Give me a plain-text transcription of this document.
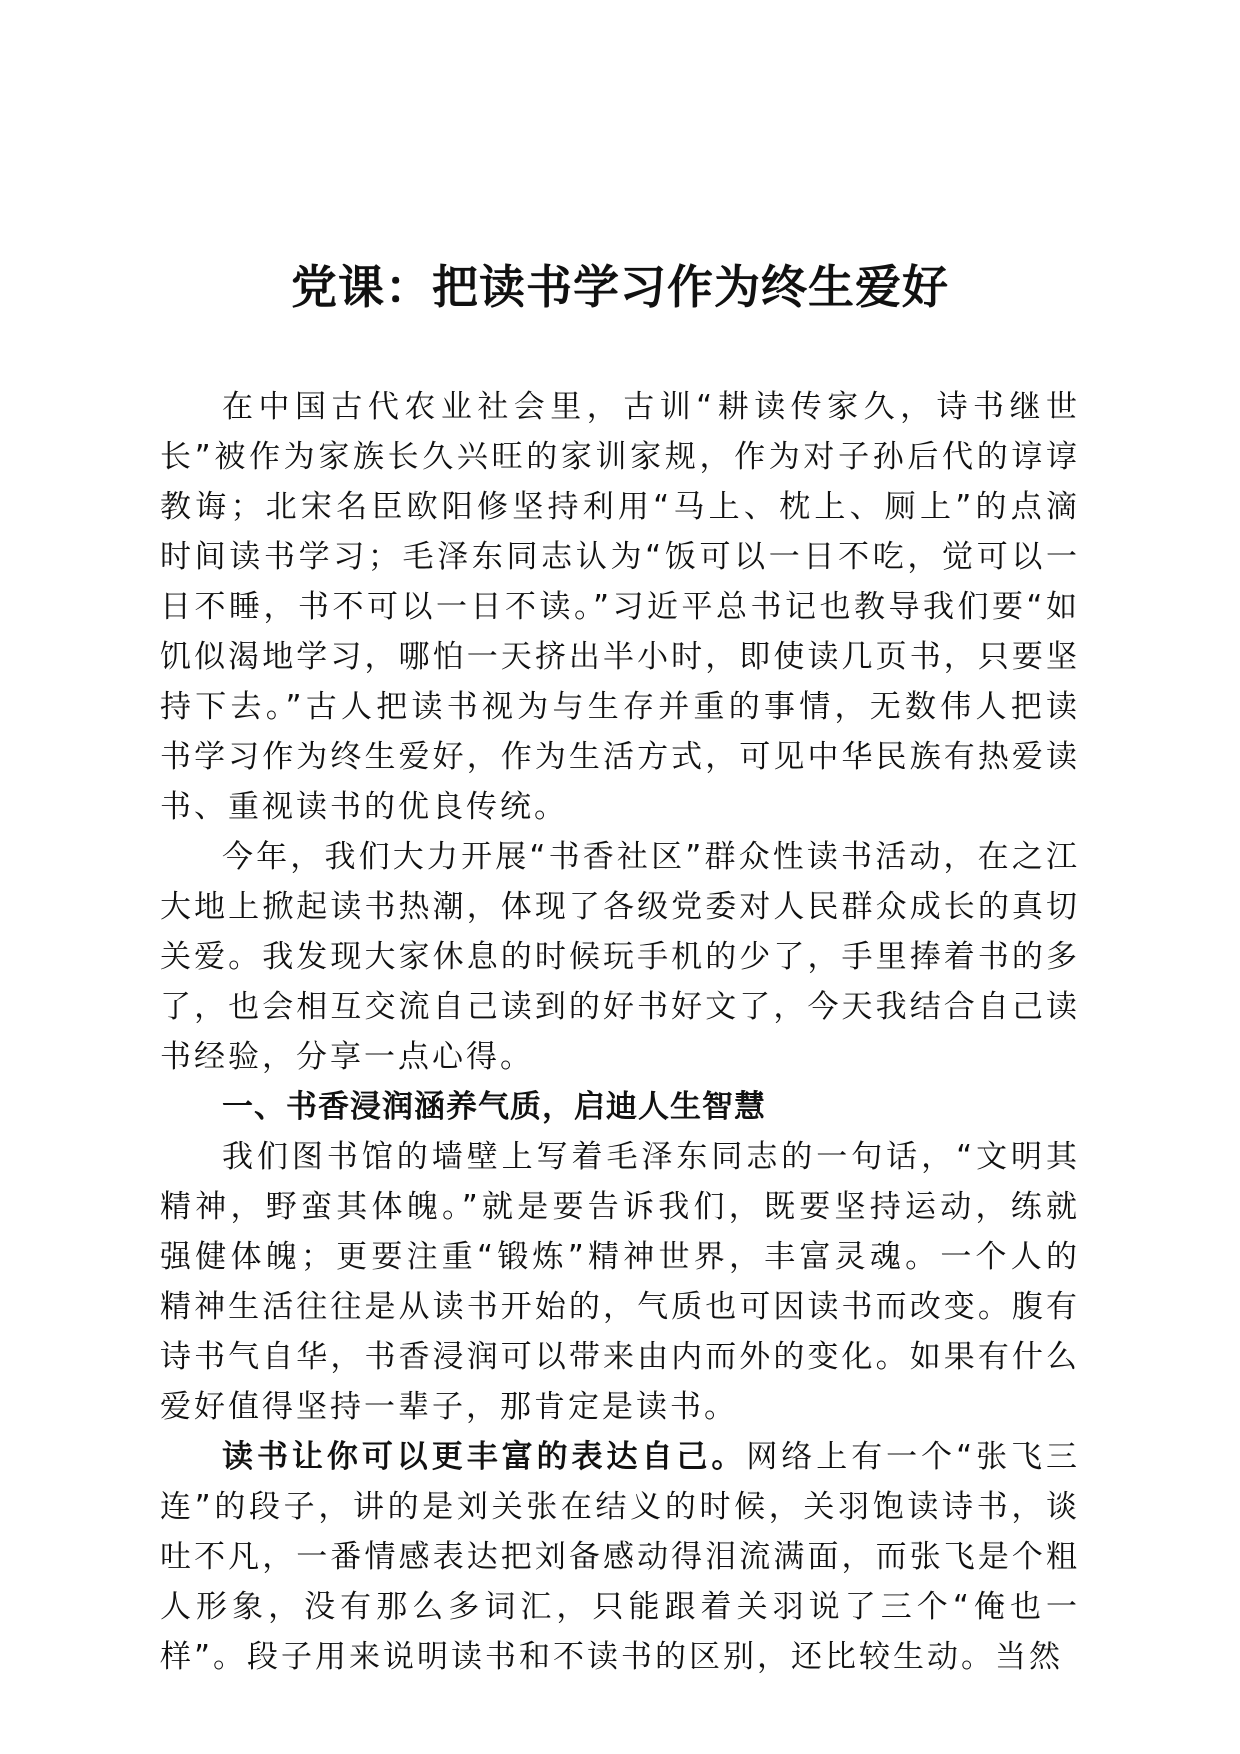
党课：把读书学习作为终生爱好

在中国古代农业社会里，古训“耕读传家久，诗书继世长”被作为家族长久兴旺的家训家规，作为对子孙后代的谆谆教诲；北宋名臣欧阳修坚持利用“马上、枕上、厕上”的点滴时间读书学习；毛泽东同志认为“饭可以一日不吃，觉可以一日不睡，书不可以一日不读。”习近平总书记也教导我们要“如饥似渴地学习，哪怕一天挤出半小时，即使读几页书，只要坚持下去。”古人把读书视为与生存并重的事情，无数伟人把读书学习作为终生爱好，作为生活方式，可见中华民族有热爱读书、重视读书的优良传统。

今年，我们大力开展“书香社区”群众性读书活动，在之江大地上掀起读书热潮，体现了各级党委对人民群众成长的真切关爱。我发现大家休息的时候玩手机的少了，手里捧着书的多了，也会相互交流自己读到的好书好文了，今天我结合自己读书经验，分享一点心得。

一、书香浸润涵养气质，启迪人生智慧

我们图书馆的墙壁上写着毛泽东同志的一句话，“文明其精神，野蛮其体魄。”就是要告诉我们，既要坚持运动，练就强健体魄；更要注重“锻炼”精神世界，丰富灵魂。一个人的精神生活往往是从读书开始的，气质也可因读书而改变。腹有诗书气自华，书香浸润可以带来由内而外的变化。如果有什么爱好值得坚持一辈子，那肯定是读书。

读书让你可以更丰富的表达自己。网络上有一个“张飞三连”的段子，讲的是刘关张在结义的时候，关羽饱读诗书，谈吐不凡，一番情感表达把刘备感动得泪流满面，而张飞是个粗人形象，没有那么多词汇，只能跟着关羽说了三个“俺也一样”。段子用来说明读书和不读书的区别，还比较生动。当然
